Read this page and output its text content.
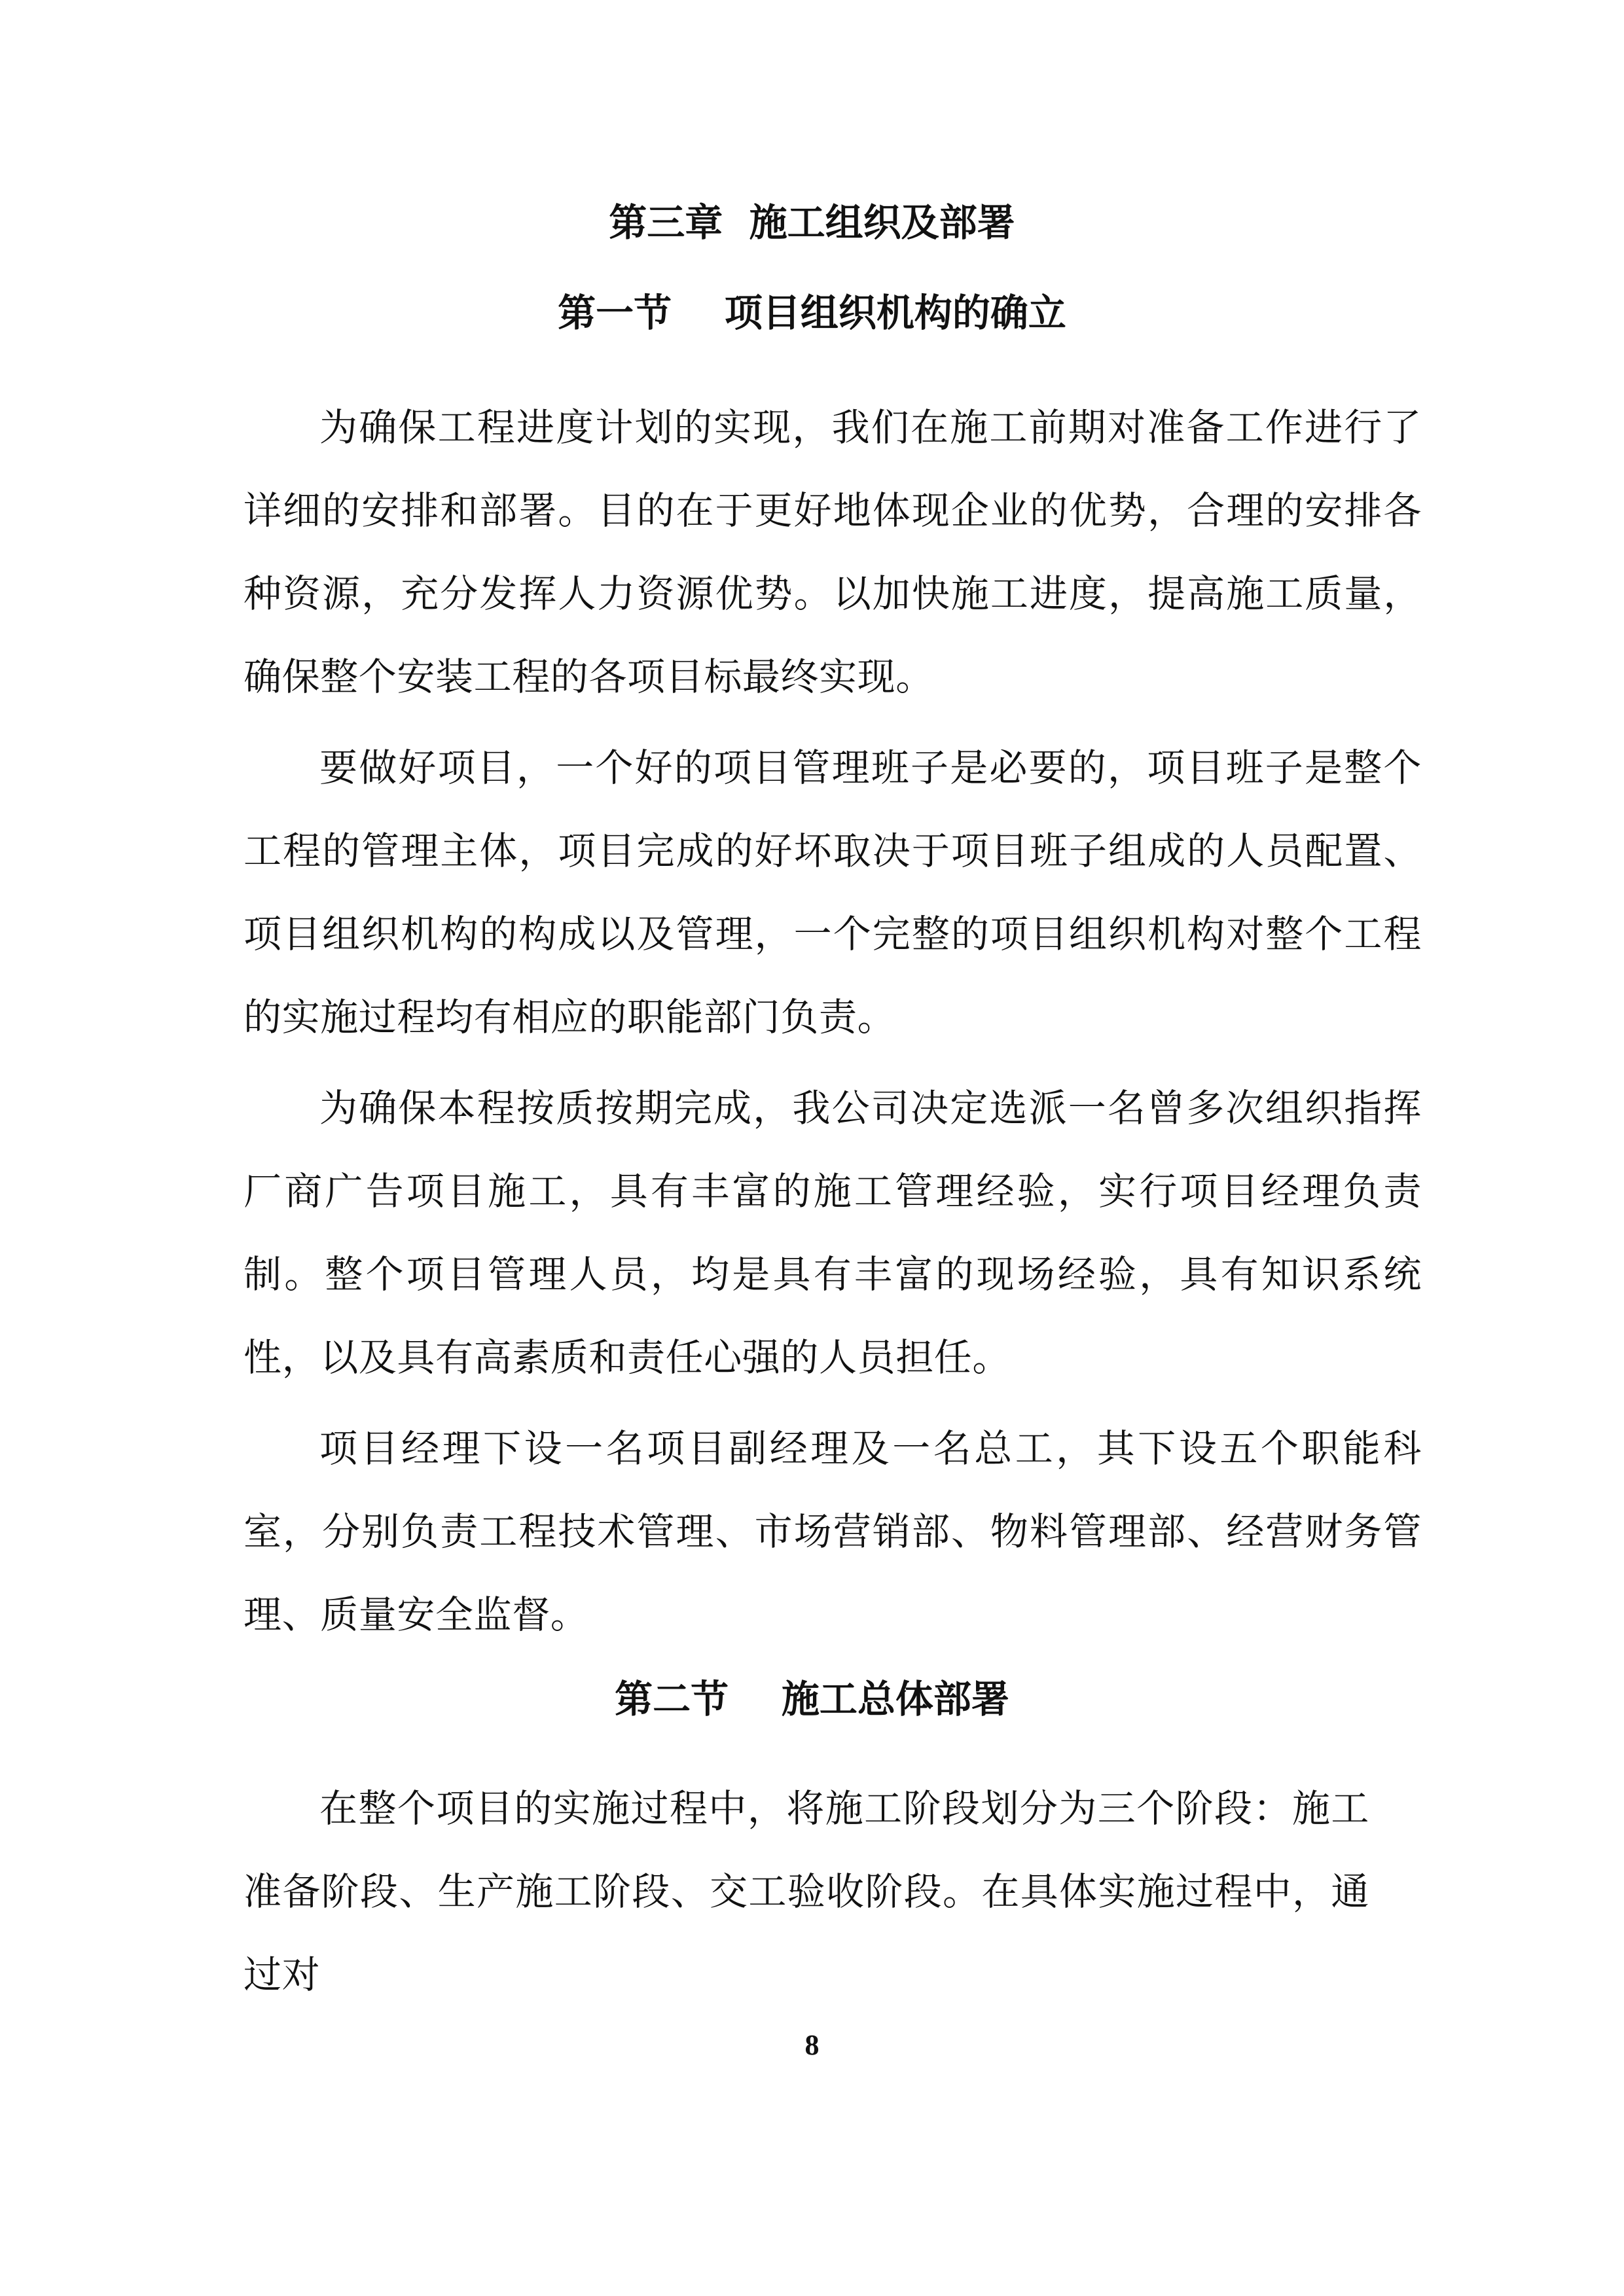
第三章  施工组织及部署
第一节    项目组织机构的确立

为确保工程进度计划的实现，我们在施工前期对准备工作进行了详细的安排和部署。目的在于更好地体现企业的优势，合理的安排各种资源，充分发挥人力资源优势。以加快施工进度，提高施工质量，确保整个安装工程的各项目标最终实现。

要做好项目，一个好的项目管理班子是必要的，项目班子是整个工程的管理主体，项目完成的好坏取决于项目班子组成的人员配置、项目组织机构的构成以及管理，一个完整的项目组织机构对整个工程的实施过程均有相应的职能部门负责。

为确保本程按质按期完成，我公司决定选派一名曾多次组织指挥厂商广告项目施工，具有丰富的施工管理经验，实行项目经理负责制。整个项目管理人员，均是具有丰富的现场经验，具有知识系统性，以及具有高素质和责任心强的人员担任。

项目经理下设一名项目副经理及一名总工，其下设五个职能科室，分别负责工程技术管理、市场营销部、物料管理部、经营财务管理、质量安全监督。

第二节    施工总体部署

在整个项目的实施过程中，将施工阶段划分为三个阶段：施工准备阶段、生产施工阶段、交工验收阶段。在具体实施过程中，通过对

8
